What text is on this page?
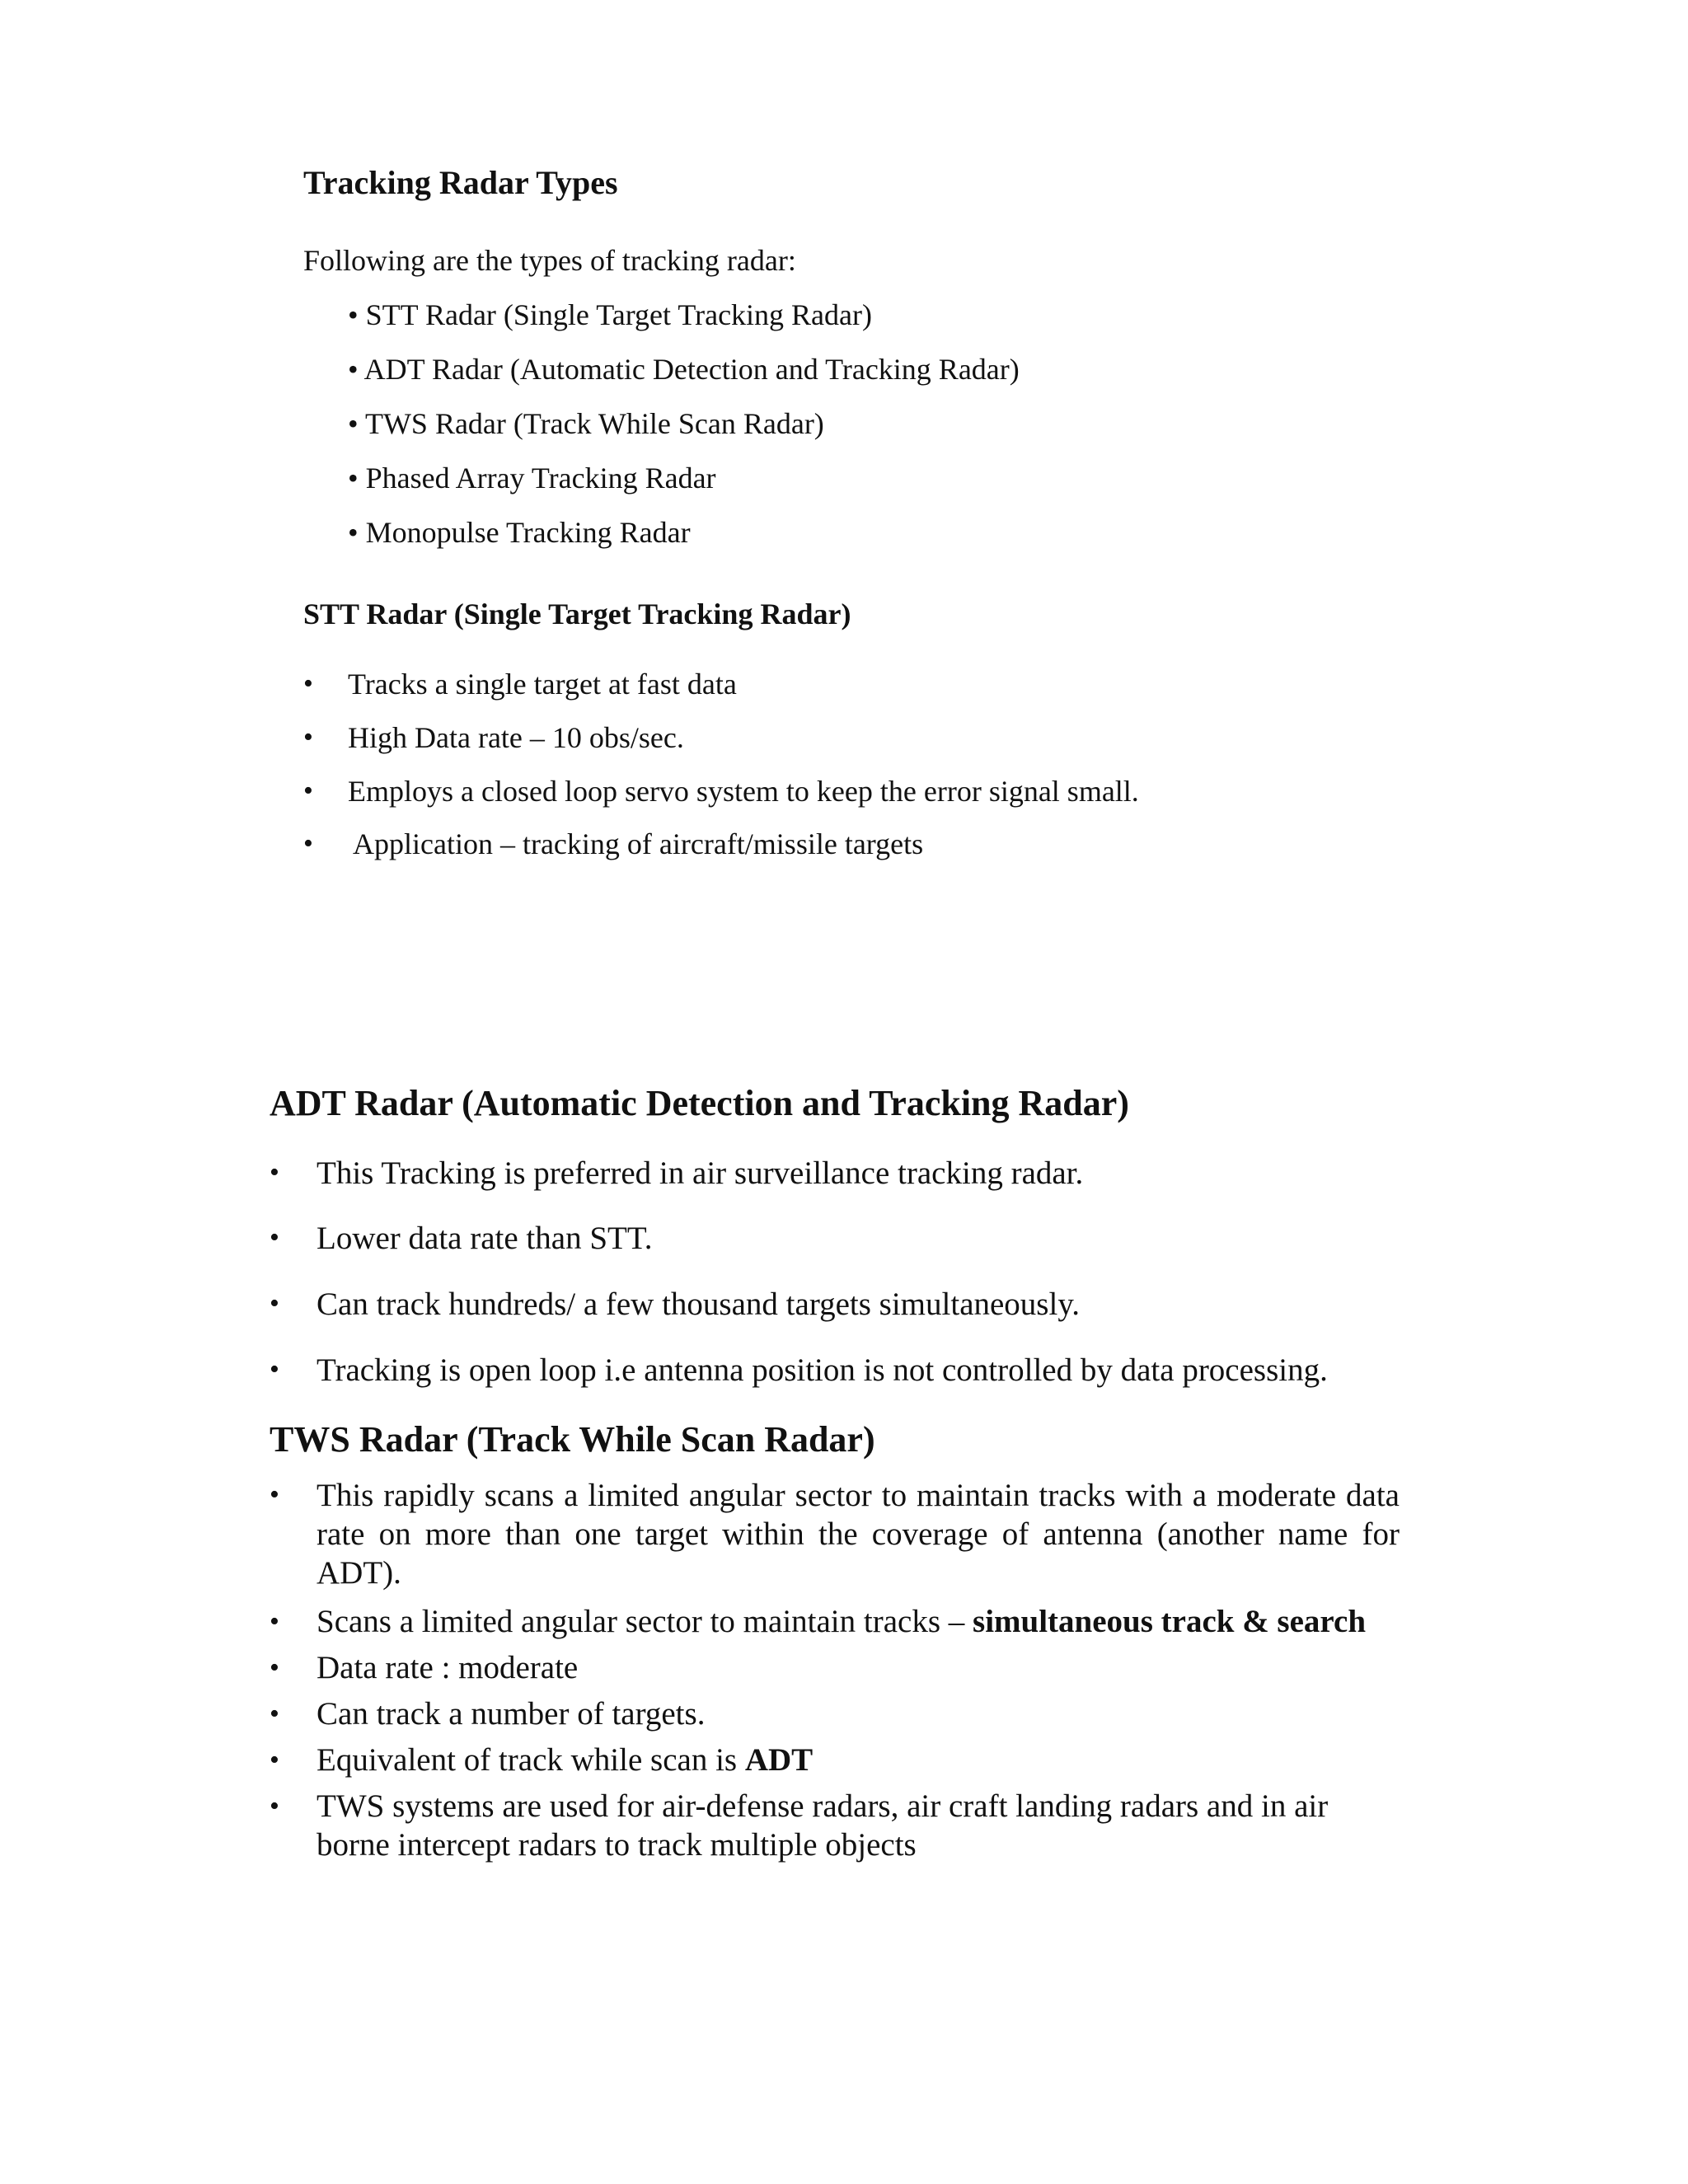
Tracking Radar Types

Following are the types of tracking radar:

• STT Radar (Single Target Tracking Radar)

• ADT Radar (Automatic Detection and Tracking Radar)

• TWS Radar (Track While Scan Radar)

• Phased Array Tracking Radar

• Monopulse Tracking Radar

STT Radar (Single Target Tracking Radar)
• Tracks a single target at fast data

• High Data rate – 10 obs/sec.

• Employs a closed loop servo system to keep the error signal small.

• Application – tracking of aircraft/missile targets

ADT Radar (Automatic Detection and Tracking Radar)
• This Tracking is preferred in air surveillance tracking radar.

• Lower data rate than STT.

• Can track hundreds/ a few thousand targets simultaneously.

• Tracking is open loop i.e antenna position is not controlled by data processing.

TWS Radar (Track While Scan Radar)
• This rapidly scans a limited angular sector to maintain tracks with a moderate data rate on more than one target within the coverage of antenna (another name for ADT).

• Scans a limited angular sector to maintain tracks – simultaneous track & search

• Data rate : moderate

• Can track a number of targets.

• Equivalent of track while scan is ADT

• TWS systems are used for air-defense radars, air craft landing radars and in air

borne intercept radars to track multiple objects
